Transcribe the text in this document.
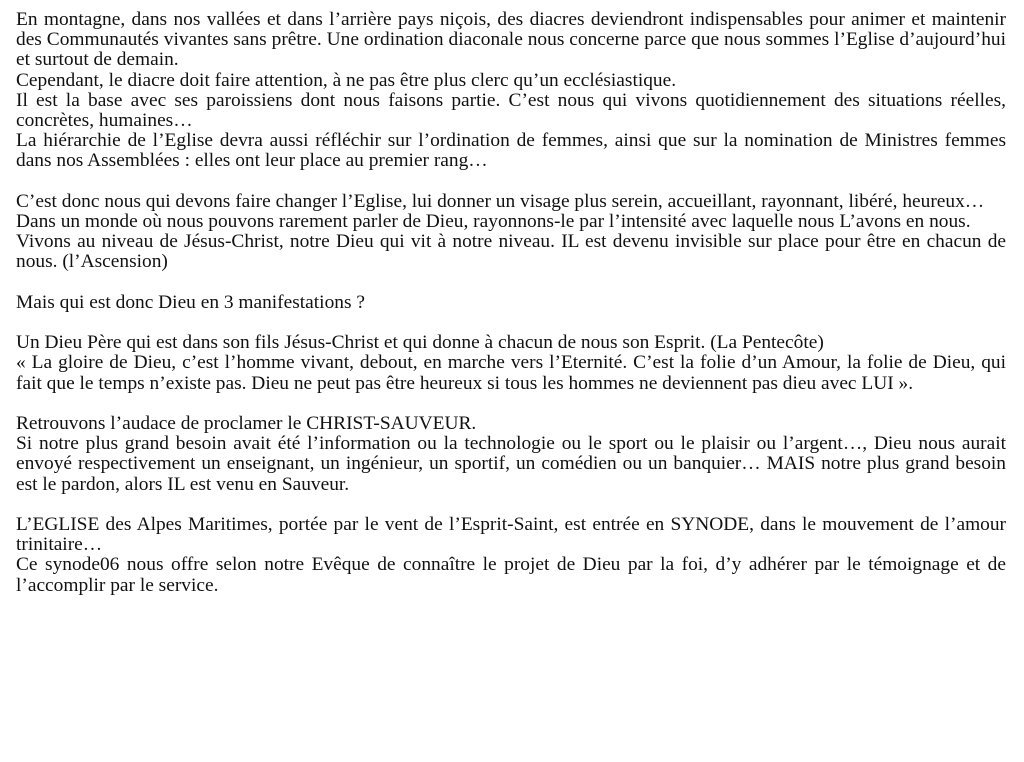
En montagne, dans nos vallées et dans l’arrière pays niçois, des diacres deviendront indispensables pour animer et maintenir des Communautés vivantes sans prêtre. Une ordination diaconale nous concerne parce que nous sommes l’Eglise d’aujourd’hui et surtout de demain.

Cependant, le diacre doit faire attention, à ne pas être plus clerc qu’un ecclésiastique.

Il est la base avec ses paroissiens dont nous faisons partie. C’est nous qui vivons quotidiennement des situations réelles, concrètes, humaines…

La hiérarchie de l’Eglise devra aussi réfléchir sur l’ordination de femmes, ainsi que sur la nomination de Ministres femmes dans nos Assemblées : elles ont leur place au premier rang…

C’est donc nous qui devons faire changer l’Eglise, lui donner un visage plus serein, accueillant, rayonnant, libéré, heureux…

Dans un monde où nous pouvons rarement parler de Dieu, rayonnons-le par l’intensité avec laquelle nous L’avons en nous.

Vivons au niveau de Jésus-Christ, notre Dieu qui vit à notre niveau. IL est devenu invisible sur place pour être en chacun de nous. (l’Ascension)

Mais qui est donc Dieu en 3 manifestations ?

Un Dieu Père qui est dans son fils Jésus-Christ et qui donne à chacun de nous son Esprit. (La Pentecôte)

« La gloire de Dieu, c’est l’homme vivant, debout, en marche vers l’Eternité. C’est la folie d’un Amour, la folie de Dieu, qui fait que le temps n’existe pas. Dieu ne peut pas être heureux si tous les hommes ne deviennent pas dieu avec LUI ».

Retrouvons l’audace de proclamer le CHRIST-SAUVEUR.

Si notre plus grand besoin avait été l’information ou la technologie ou le sport ou le plaisir ou l’argent…, Dieu nous aurait envoyé respectivement un enseignant, un ingénieur, un sportif, un comédien ou un banquier… MAIS notre plus grand besoin est le pardon, alors IL est venu en Sauveur.

L’EGLISE des Alpes Maritimes, portée par le vent de l’Esprit-Saint, est entrée en SYNODE, dans le mouvement de l’amour trinitaire…

Ce synode06 nous offre selon notre Evêque de connaître le projet de Dieu par la foi, d’y adhérer par le témoignage et de l’accomplir par le service.
